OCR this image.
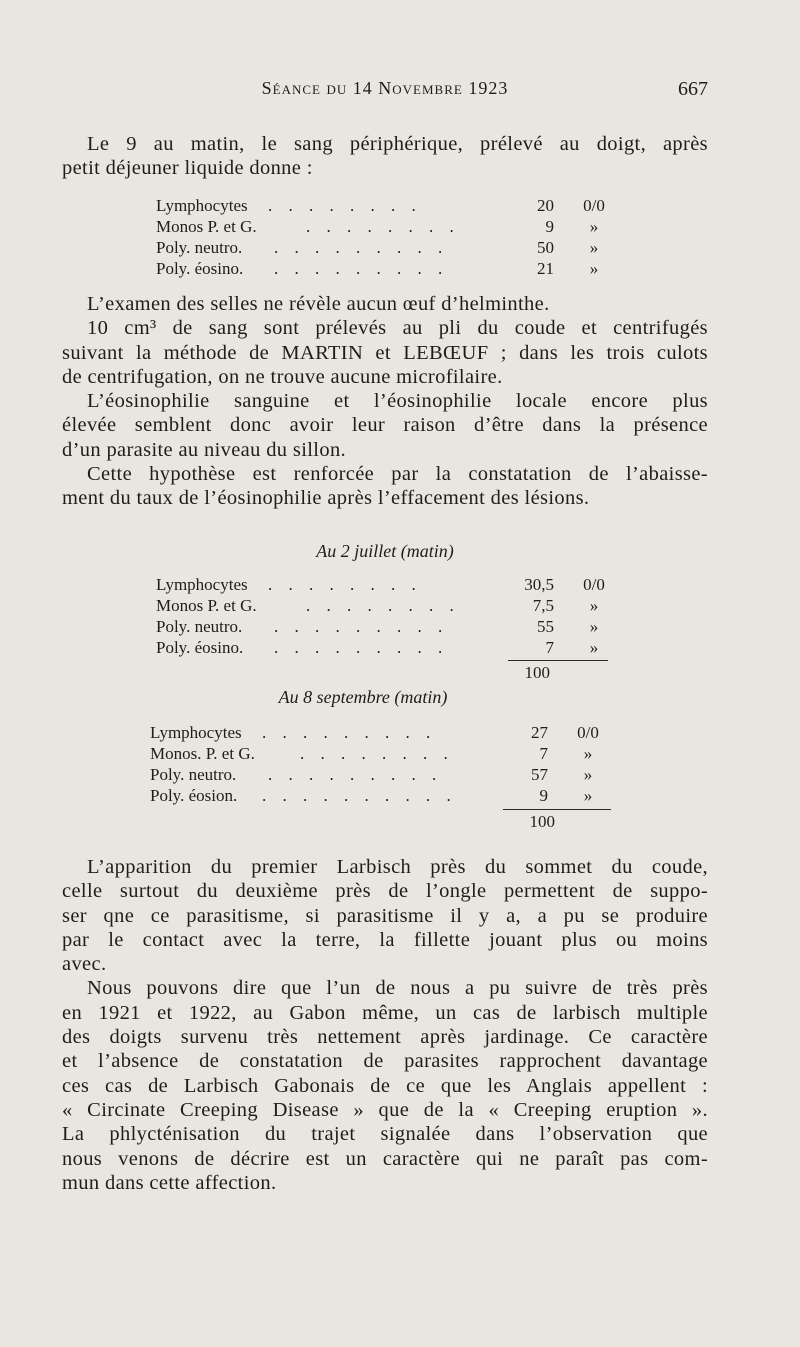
Séance du 14 Novembre 1923	667
Le 9 au matin, le sang périphérique, prélevé au doigt, après
petit déjeuner liquide donne :
Lymphocytes . . . . . . . .	20	0/0
Monos P. et G.	. . . . . . . .	9	»
Poly. neutro. . . . . . . . . .	50	»
Poly. éosino. . . . . . . . . .	21	»
L’examen des selles ne révèle aucun œuf d’helminthe.
10 cm³ de sang sont prélevés au pli du coude et centrifugés
suivant la méthode de MARTIN et LEBŒUF ; dans les trois culots
de centrifugation, on ne trouve aucune microfilaire.
L’éosinophilie sanguine et l’éosinophilie locale encore plus
élevée semblent donc avoir leur raison d’être dans la présence
d’un parasite au niveau du sillon.
Cette hypothèse est renforcée par la constatation de l’abaisse-
ment du taux de l’éosinophilie après l’effacement des lésions.
Au 2 juillet (matin)
Lymphocytes . . . . . . . .	30,5	0/0
Monos P. et G.	. . . . . . . .	7,5	»
Poly. neutro. . . . . . . . . .	55	»
Poly. éosino. . . . . . . . . .	7	»
100
Au 8 septembre (matin)
Lymphocytes . . . . . . . . .	27	0/0
Monos. P. et G.	. . . . . . . .	7	»
Poly. neutro. . . . . . . . . .	57	»
Poly. éosion. . . . . . . . . . .	9	»
100
L’apparition du premier Larbisch près du sommet du coude,
celle surtout du deuxième près de l’ongle permettent de suppo-
ser qne ce parasitisme, si parasitisme il y a, a pu se produire
par le contact avec la terre, la fillette jouant plus ou moins
avec.
Nous pouvons dire que l’un de nous a pu suivre de très près
en 1921 et 1922, au Gabon même, un cas de larbisch multiple
des doigts survenu très nettement après jardinage. Ce caractère
et l’absence de constatation de parasites rapprochent davantage
ces cas de Larbisch Gabonais de ce que les Anglais appellent :
« Circinate Creeping Disease » que de la « Creeping eruption ».
La phlycténisation du trajet signalée dans l’observation que
nous venons de décrire est un caractère qui ne paraît pas com-
mun dans cette affection.
